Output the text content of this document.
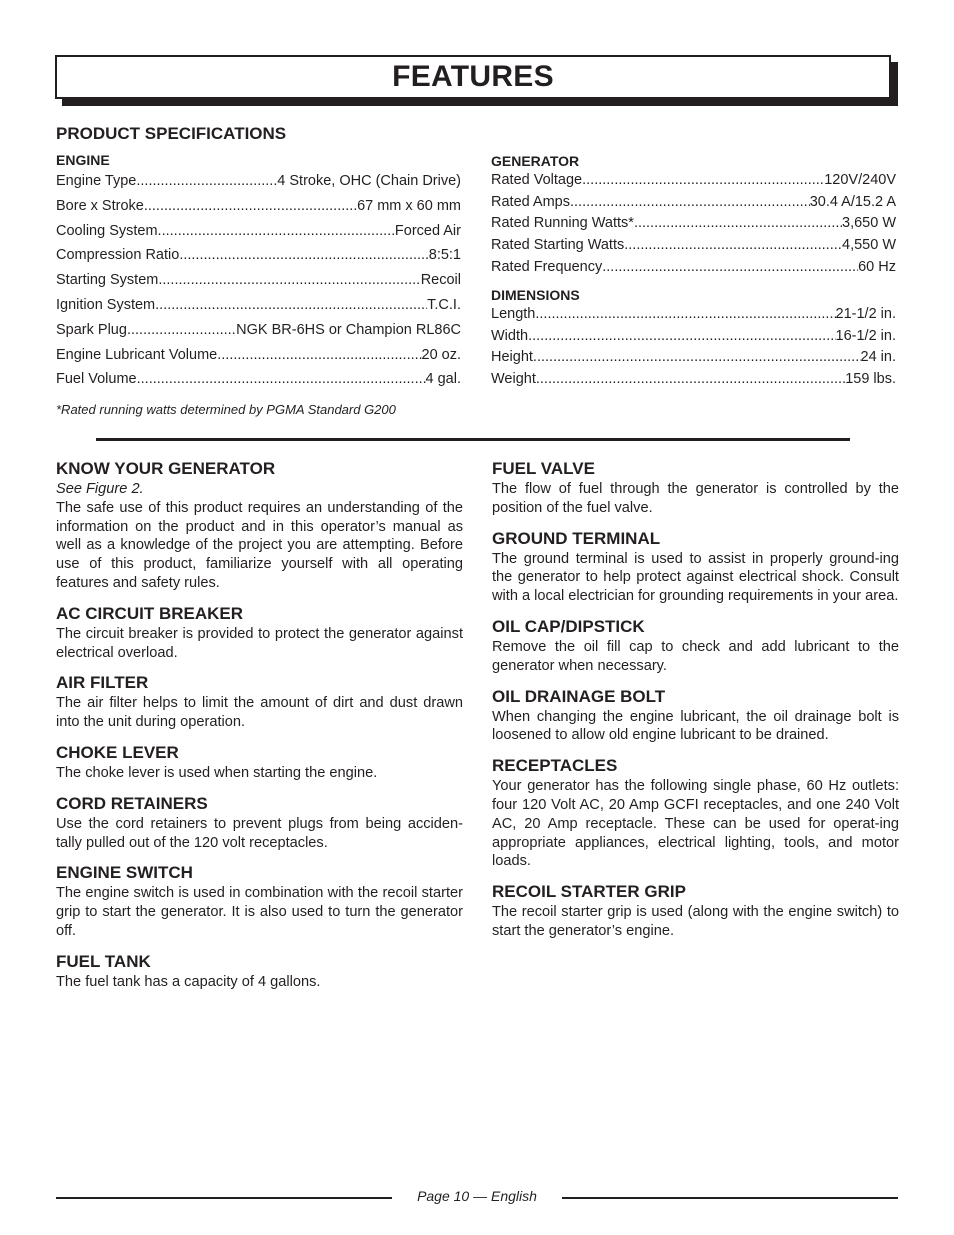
FEATURES
PRODUCT SPECIFICATIONS
ENGINE
Engine Type .....	4 Stroke, OHC (Chain Drive)
Bore x Stroke .....	67 mm x 60 mm
Cooling System .....	Forced Air
Compression Ratio .....	8:5:1
Starting System .....	Recoil
Ignition System .....	T.C.I.
Spark Plug .....	NGK BR-6HS or Champion RL86C
Engine Lubricant Volume .....	20 oz.
Fuel Volume .....	4 gal.
GENERATOR
Rated Voltage .....	120V/240V
Rated Amps .....	30.4 A/15.2 A
Rated Running Watts* .....	3,650 W
Rated Starting Watts .....	4,550 W
Rated Frequency .....	60 Hz
DIMENSIONS
Length .....	21-1/2 in.
Width .....	16-1/2 in.
Height .....	24 in.
Weight .....	159 lbs.

*Rated running watts determined by PGMA Standard G200

KNOW YOUR GENERATOR

See Figure 2.

The safe use of this product requires an understanding of the information on the product and in this operator’s manual as well as a knowledge of the project you are attempting. Before use of this product, familiarize yourself with all operating features and safety rules.

AC CIRCUIT BREAKER

The circuit breaker is provided to protect the generator against electrical overload.

AIR FILTER

The air filter helps to limit the amount of dirt and dust drawn into the unit during operation.

CHOKE LEVER

The choke lever is used when starting the engine.

CORD RETAINERS

Use the cord retainers to prevent plugs from being acciden-tally pulled out of the 120 volt receptacles.

ENGINE SWITCH

The engine switch is used in combination with the recoil starter grip to start the generator. It is also used to turn the generator off.

FUEL TANK

The fuel tank has a capacity of 4 gallons.

FUEL VALVE

The flow of fuel through the generator is controlled by the position of the fuel valve.

GROUND TERMINAL

The ground terminal is used to assist in properly ground-ing the generator to help protect against electrical shock. Consult with a local electrician for grounding requirements in your area.

OIL CAP/DIPSTICK

Remove the oil fill cap to check and add lubricant to the generator when necessary.

OIL DRAINAGE BOLT

When changing the engine lubricant, the oil drainage bolt is loosened to allow old engine lubricant to be drained.

RECEPTACLES

Your generator has the following single phase, 60 Hz outlets: four 120 Volt AC, 20 Amp GCFI receptacles, and one 240 Volt AC, 20 Amp receptacle. These can be used for operat-ing appropriate appliances, electrical lighting, tools, and motor loads.

RECOIL STARTER GRIP

The recoil starter grip is used (along with the engine switch) to start the generator’s engine.

Page 10 — English
